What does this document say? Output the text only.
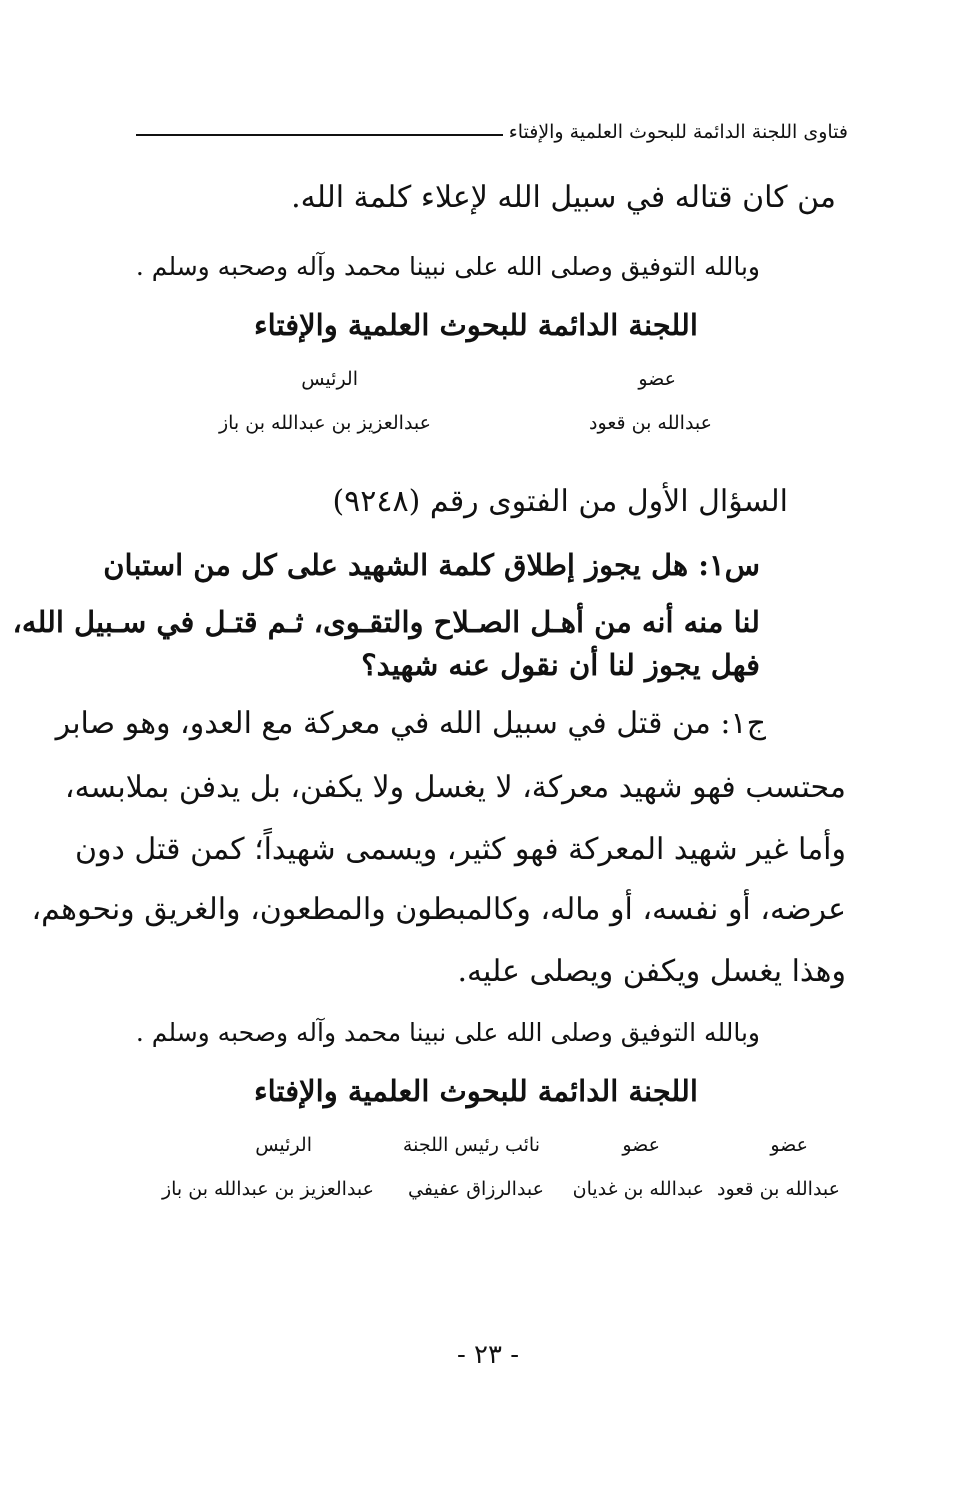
فتاوى اللجنة الدائمة للبحوث العلمية والإفتاء
من كان قتاله في سبيل الله لإعلاء كلمة الله.
وبالله التوفيق وصلى الله على نبينا محمد وآله وصحبه وسلم .
اللجنة الدائمة للبحوث العلمية والإفتاء
عضو
الرئيس
عبدالله بن قعود
عبدالعزيز بن عبدالله بن باز
السؤال الأول من الفتوى رقم (٩٢٤٨)
س١: هل يجوز إطلاق كلمة الشهيد على كل من استبان
لنا منه أنه من أهـل الصـلاح والتقـوى، ثـم قتـل في سـبيل الله،
فهل يجوز لنا أن نقول عنه شهيد؟
ج١: من قتل في سبيل الله في معركة مع العدو، وهو صابر
محتسب فهو شهيد معركة، لا يغسل ولا يكفن، بل يدفن بملابسه،
وأما غير شهيد المعركة فهو كثير، ويسمى شهيداً؛ كمن قتل دون
عرضه، أو نفسه، أو ماله، وكالمبطون والمطعون، والغريق ونحوهم،
وهذا يغسل ويكفن ويصلى عليه.
وبالله التوفيق وصلى الله على نبينا محمد وآله وصحبه وسلم .
اللجنة الدائمة للبحوث العلمية والإفتاء
عضو
عضو
نائب رئيس اللجنة
الرئيس
عبدالله بن قعود
عبدالله بن غديان
عبدالرزاق عفيفي
عبدالعزيز بن عبدالله بن باز
- ٢٣ -
